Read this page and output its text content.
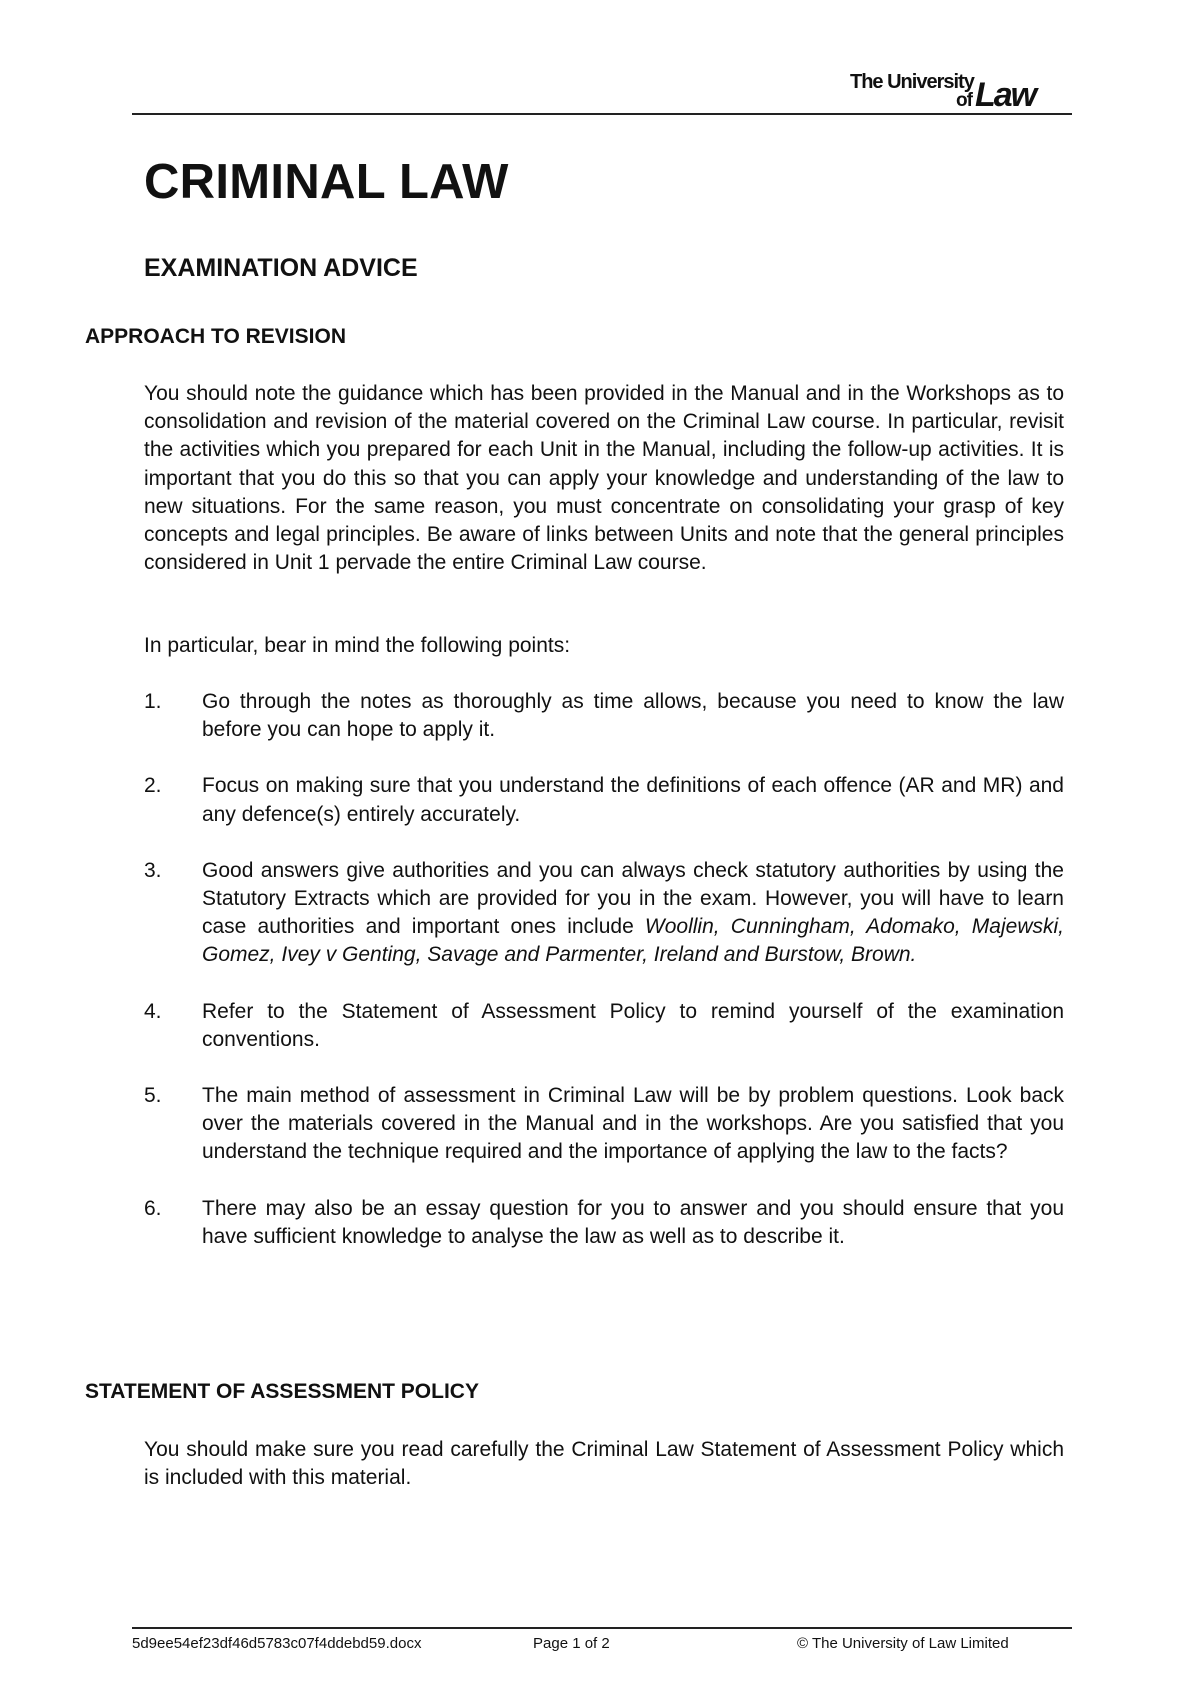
The University
of Law
CRIMINAL LAW
EXAMINATION ADVICE
APPROACH TO REVISION
You should note the guidance which has been provided in the Manual and in the Workshops as to consolidation and revision of the material covered on the Criminal Law course. In particular, revisit the activities which you prepared for each Unit in the Manual, including the follow-up activities. It is important that you do this so that you can apply your knowledge and understanding of the law to new situations. For the same reason, you must concentrate on consolidating your grasp of key concepts and legal principles. Be aware of links between Units and note that the general principles considered in Unit 1 pervade the entire Criminal Law course.
In particular, bear in mind the following points:
1.	Go through the notes as thoroughly as time allows, because you need to know the law before you can hope to apply it.
2.	Focus on making sure that you understand the definitions of each offence (AR and MR) and any defence(s) entirely accurately.
3.	Good answers give authorities and you can always check statutory authorities by using the Statutory Extracts which are provided for you in the exam. However, you will have to learn case authorities and important ones include Woollin, Cunningham, Adomako, Majewski, Gomez, Ivey v Genting, Savage and Parmenter, Ireland and Burstow, Brown.
4.	Refer to the Statement of Assessment Policy to remind yourself of the examination conventions.
5.	The main method of assessment in Criminal Law will be by problem questions. Look back over the materials covered in the Manual and in the workshops. Are you satisfied that you understand the technique required and the importance of applying the law to the facts?
6.	There may also be an essay question for you to answer and you should ensure that you have sufficient knowledge to analyse the law as well as to describe it.
STATEMENT OF ASSESSMENT POLICY
You should make sure you read carefully the Criminal Law Statement of Assessment Policy which is included with this material.
5d9ee54ef23df46d5783c07f4ddebd59.docx	Page 1 of 2	© The University of Law Limited
